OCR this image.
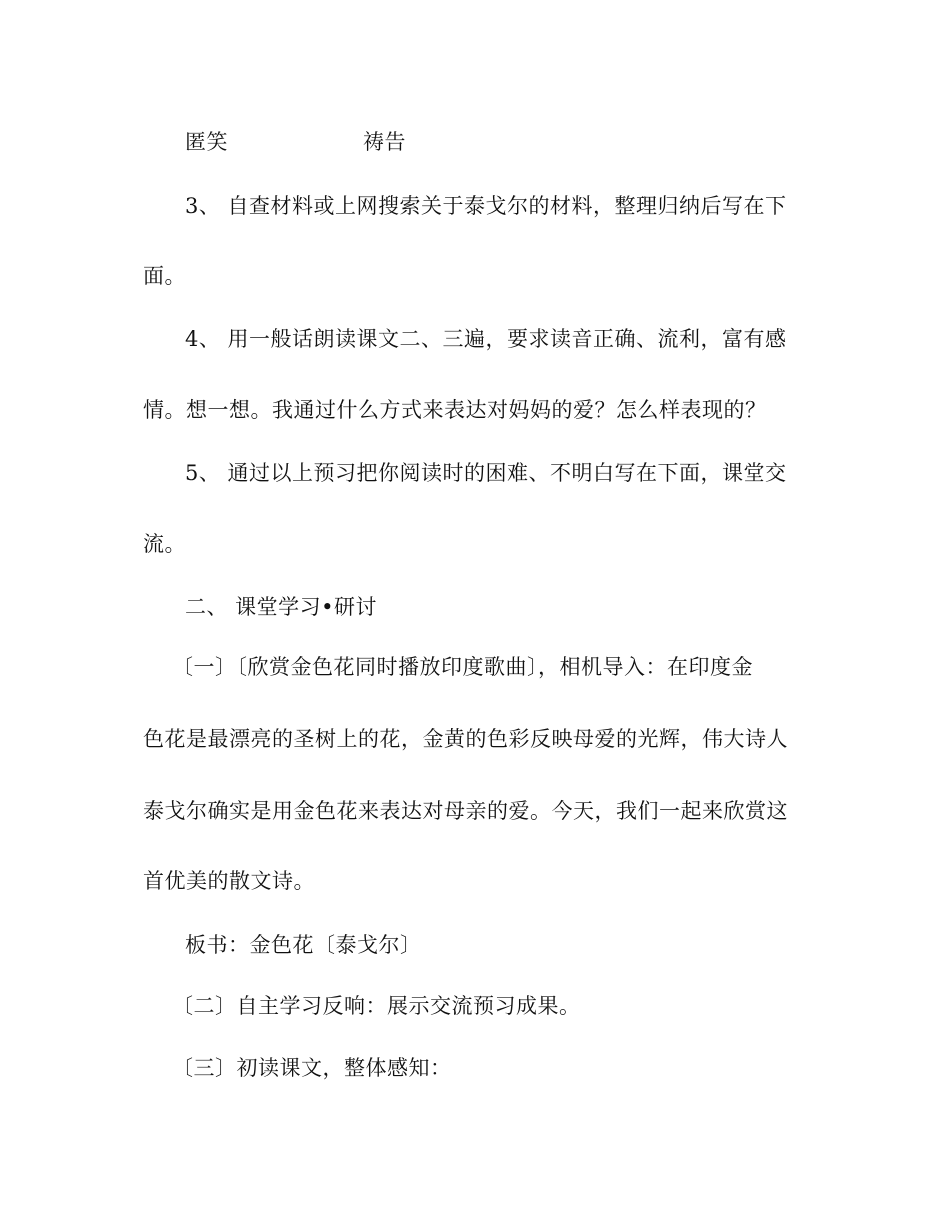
匿笑	祷告
3、 自查材料或上网搜索关于泰戈尔的材料，整理归纳后写在下
面。
4、 用一般话朗读课文二、三遍，要求读音正确、流利，富有感
情。想一想。我通过什么方式来表达对妈妈的爱？怎么样表现的？
5、 通过以上预习把你阅读时的困难、不明白写在下面，课堂交
流。
二、 课堂学习•研讨
〔一〕〔欣赏金色花同时播放印度歌曲〕，相机导入：在印度金
色花是最漂亮的圣树上的花，金黄的色彩反映母爱的光辉，伟大诗人
泰戈尔确实是用金色花来表达对母亲的爱。今天，我们一起来欣赏这
首优美的散文诗。
板书：金色花〔泰戈尔〕
〔二〕自主学习反响：展示交流预习成果。
〔三〕初读课文，整体感知：
